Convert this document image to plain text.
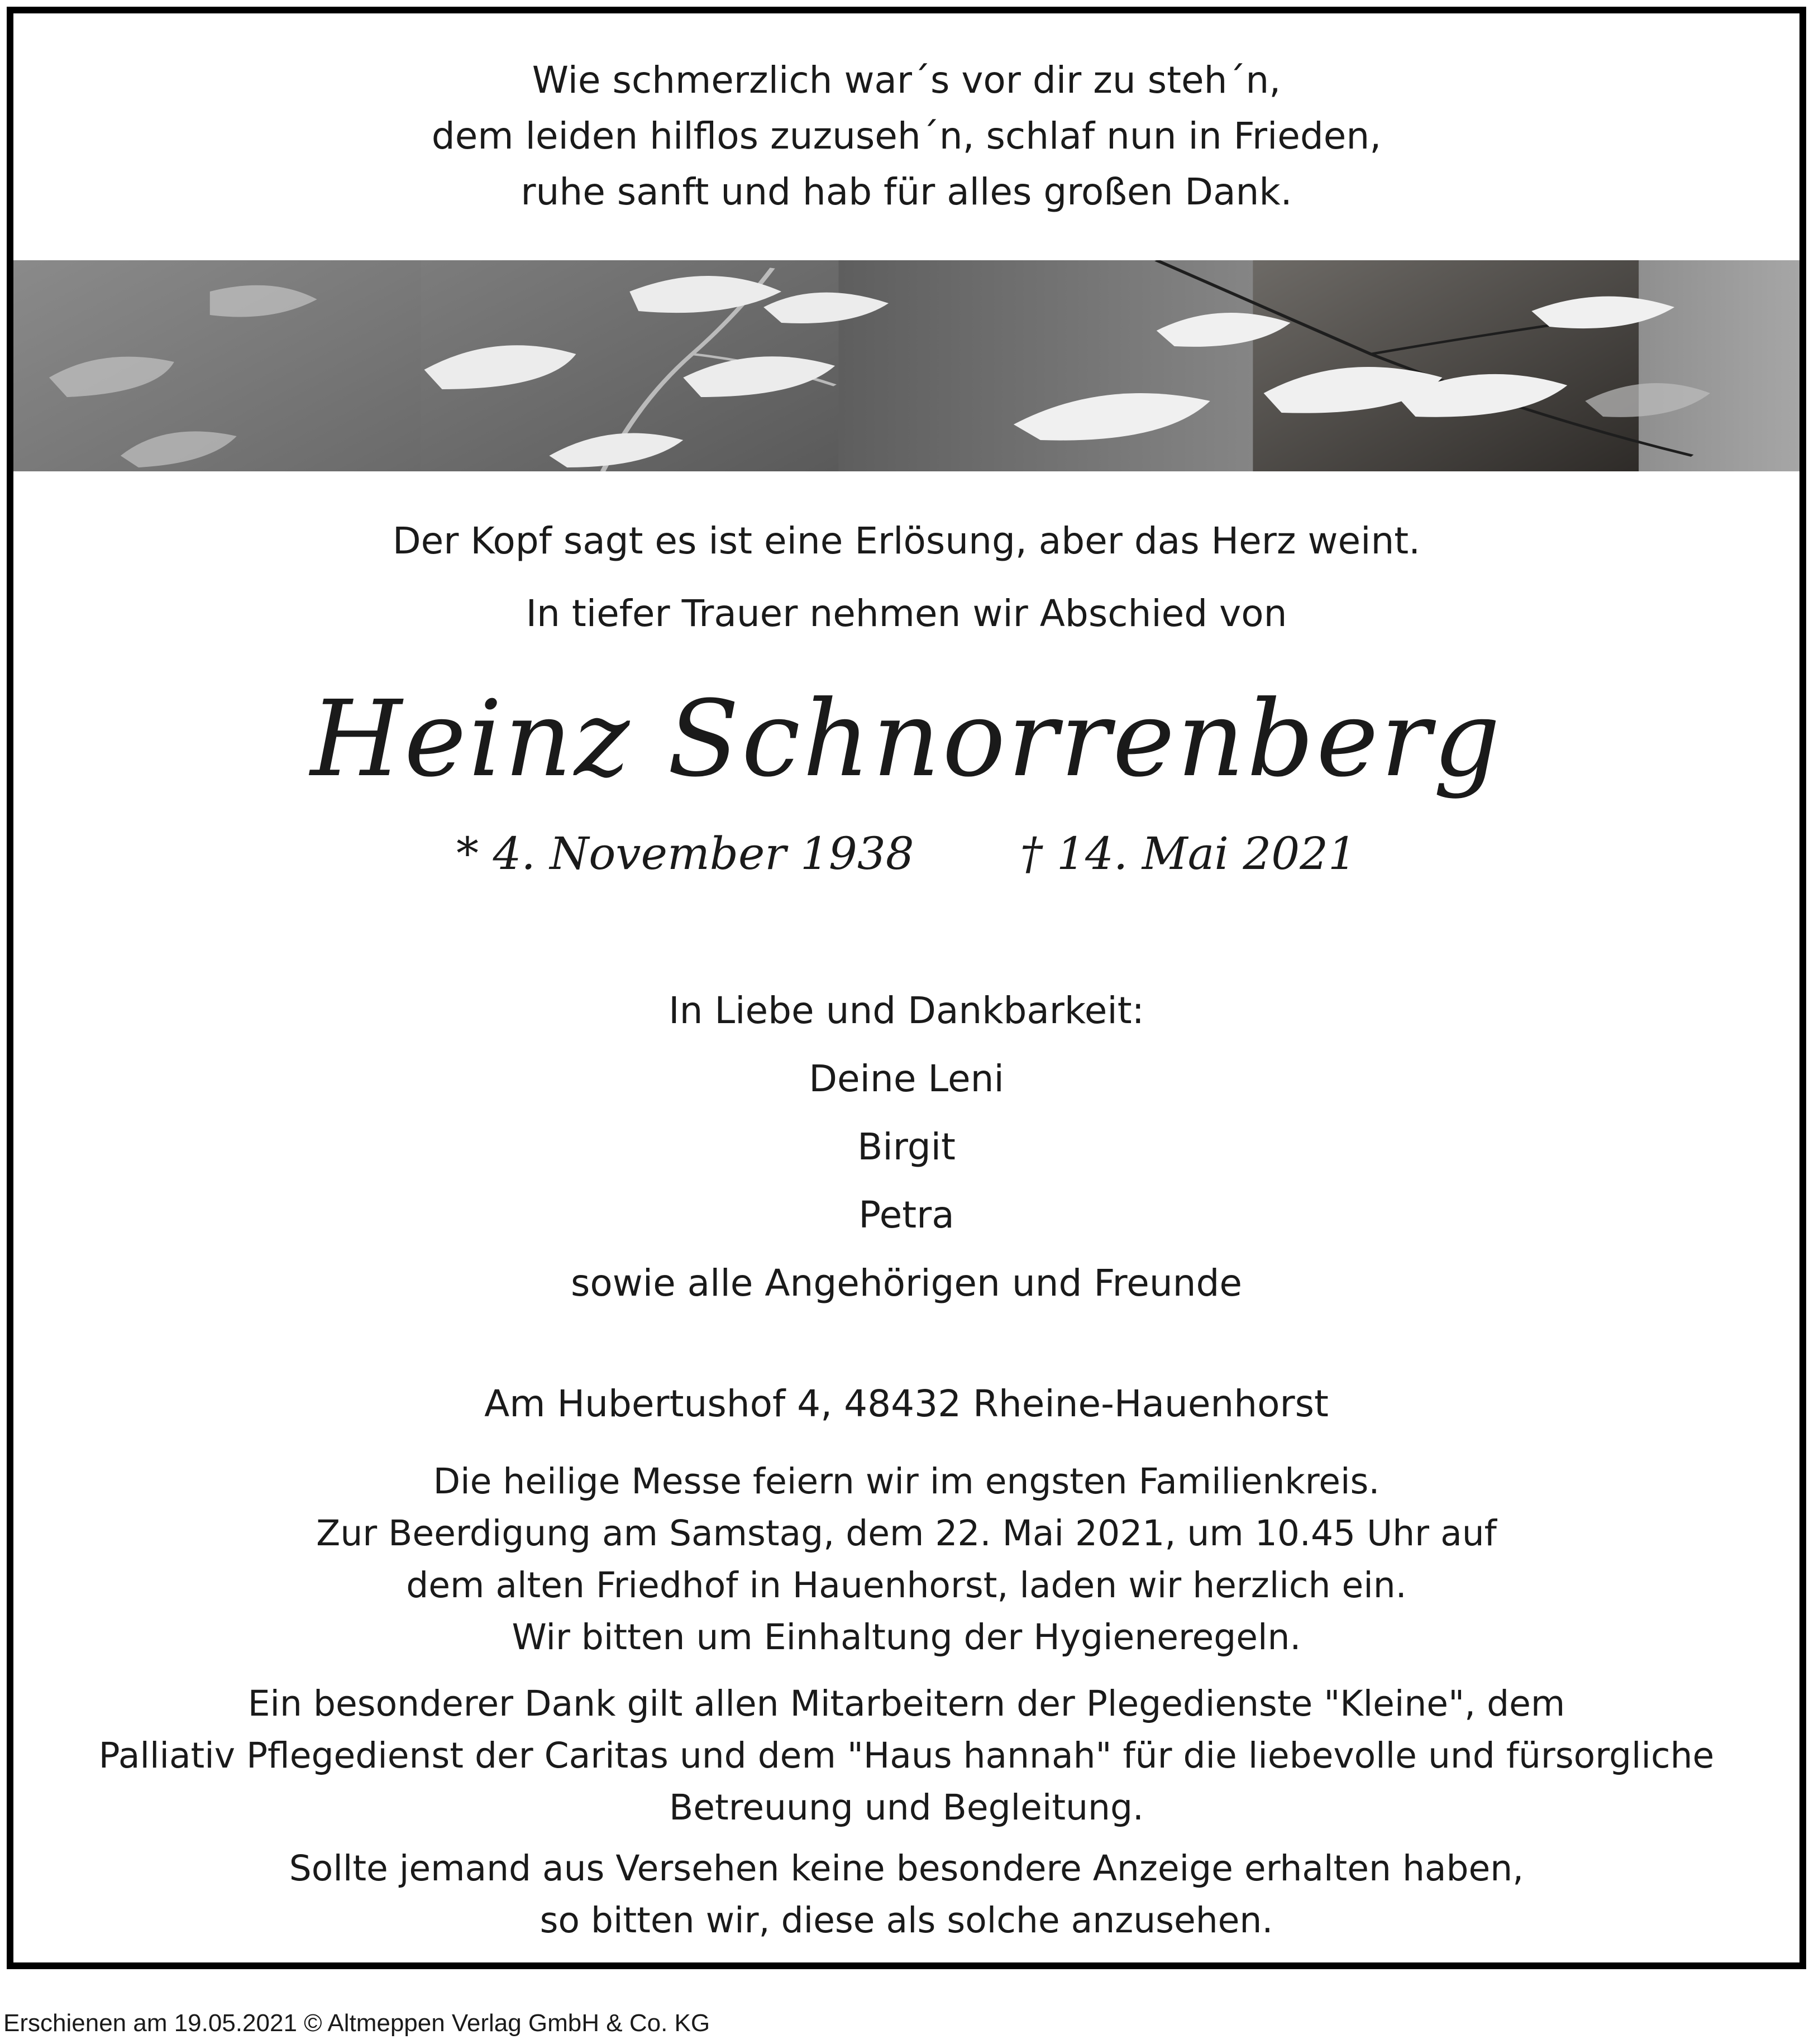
Wie schmerzlich war´s vor dir zu steh´n,
dem leiden hilflos zuzuseh´n, schlaf nun in Frieden,
ruhe sanft und hab für alles großen Dank.
Der Kopf sagt es ist eine Erlösung, aber das Herz weint.
In tiefer Trauer nehmen wir Abschied von
Heinz Schnorrenberg
* 4. November 1938 † 14. Mai 2021
In Liebe und Dankbarkeit:
Deine Leni
Birgit
Petra
sowie alle Angehörigen und Freunde
Am Hubertushof 4, 48432 Rheine-Hauenhorst
Die heilige Messe feiern wir im engsten Familienkreis.
Zur Beerdigung am Samstag, dem 22. Mai 2021, um 10.45 Uhr auf
dem alten Friedhof in Hauenhorst, laden wir herzlich ein.
Wir bitten um Einhaltung der Hygieneregeln.
Ein besonderer Dank gilt allen Mitarbeitern der Plegedienste "Kleine", dem
Palliativ Pflegedienst der Caritas und dem "Haus hannah" für die liebevolle und fürsorgliche
Betreuung und Begleitung.
Sollte jemand aus Versehen keine besondere Anzeige erhalten haben,
so bitten wir, diese als solche anzusehen.
Erschienen am 19.05.2021 © Altmeppen Verlag GmbH & Co. KG
